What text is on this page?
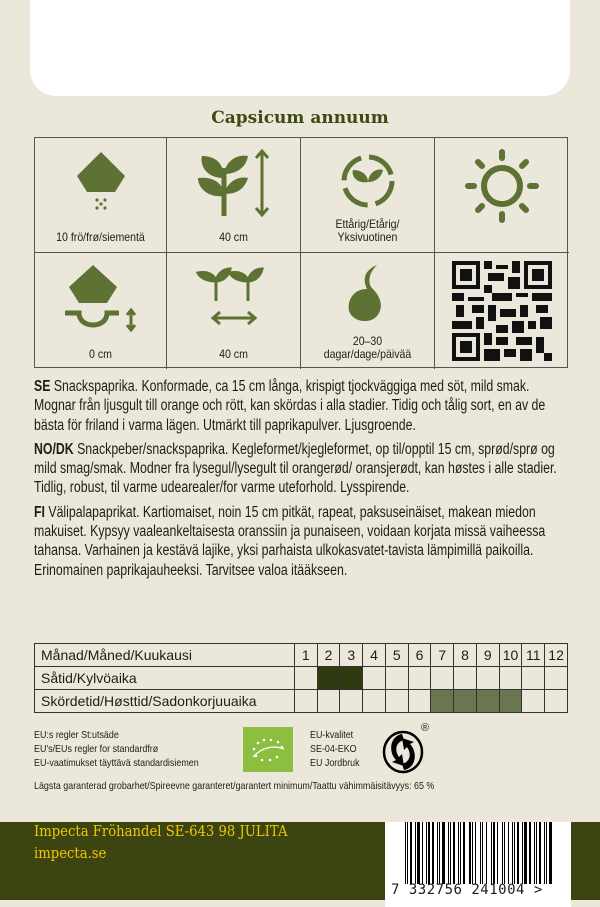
Capsicum annuum
10 frö/frø/siementä	40 cm
Ettårig/Etårig/ Yksivuotinen
0 cm	40 cm
20–30 dagar/dage/päivää

SE Snackspaprika. Konformade, ca 15 cm långa, krispigt tjockväggiga med söt, mild smak. Mognar från ljusgult till orange och rött, kan skördas i alla stadier. Tidig och tålig sort, en av de bästa för friland i varma lägen. Utmärkt till paprikapulver. Ljusgroende.

NO/DK Snackpeber/snackspaprika. Kegleformet/kjegleformet, op til/opptil 15 cm, sprød/sprø og mild smag/smak. Modner fra lysegul/lysegult til orangerød/ oransjerødt, kan høstes i alle stadier. Tidlig, robust, til varme udearealer/for varme uteforhold. Lysspirende.

FI Välipalapaprikat. Kartiomaiset, noin 15 cm pitkät, rapeat, paksuseinäiset, makean miedon makuiset. Kypsyy vaaleankeltaisesta oranssiin ja punaiseen, voidaan korjata missä vaiheessa tahansa. Varhainen ja kestävä lajike, yksi parhaista ulkokasvatet-tavista lämpimillä paikoilla. Erinomainen paprikajauheeksi. Tarvitsee valoa itääkseen.

Månad/Måned/Kuukausi	1	2	3	4	5	6	7	8	9	10	11	12
Såtid/Kylvöaika												
Skördetid/Høsttid/Sadonkorjuuaika												
EU:s regler St:utsäde
EU's/EUs regler for standardfrø
EU-vaatimukset täyttävä standardisiemen
EU-kvalitet
SE-04-EKO
EU Jordbruk
®
Lägsta garanterad grobarhet/Spireevne garanteret/garantert minimum/Taattu vähimmäisitävyys: 65 %
Impecta Fröhandel SE-643 98 JULITA
impecta.se
7 332756 241004 >
